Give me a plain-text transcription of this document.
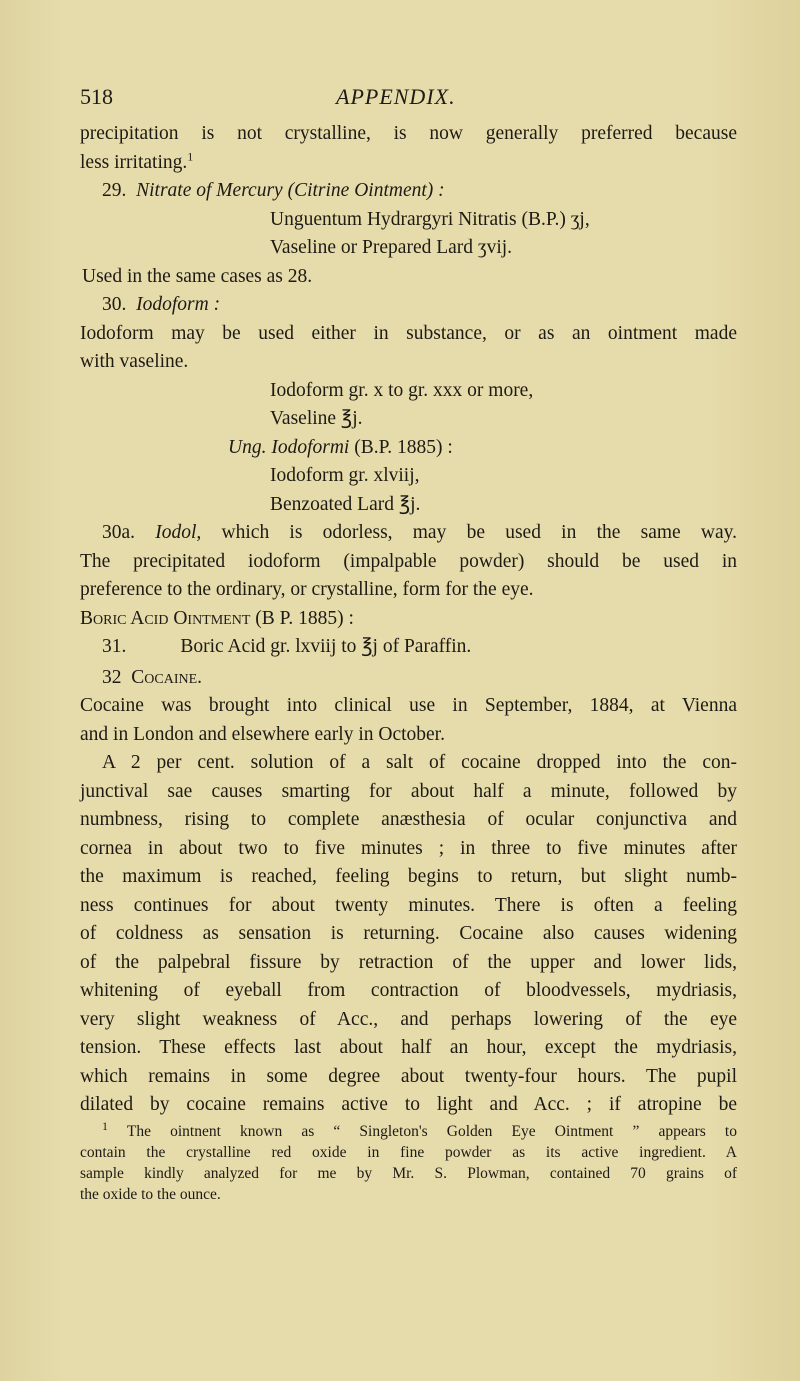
518	APPENDIX.
precipitation is not crystalline, is now generally preferred because
less irritating.$^1$
29. Nitrate of Mercury (Citrine Ointment) :
Unguentum Hydrargyri Nitratis (B.P.) ʒj,
Vaseline or Prepared Lard ʒvij.
Used in the same cases as 28.
30. Iodoform :
Iodoform may be used either in substance, or as an ointment made
with vaseline.
Iodoform gr. x to gr. xxx or more,
Vaseline ℥j.
Ung. Iodoformi (B.P. 1885) :
Iodoform gr. xlviij,
Benzoated Lard ℥j.
30a. Iodol, which is odorless, may be used in the same way.
The precipitated iodoform (impalpable powder) should be used in
preference to the ordinary, or crystalline, form for the eye.
Boric Acid Ointment (B P. 1885) :
31.	Boric Acid gr. lxviij to ℥j of Paraffin.
32 Cocaine.
Cocaine was brought into clinical use in September, 1884, at Vienna
and in London and elsewhere early in October.
A 2 per cent. solution of a salt of cocaine dropped into the con-
junctival sae causes smarting for about half a minute, followed by
numbness, rising to complete anæsthesia of ocular conjunctiva and
cornea in about two to five minutes ; in three to five minutes after
the maximum is reached, feeling begins to return, but slight numb-
ness continues for about twenty minutes. There is often a feeling
of coldness as sensation is returning. Cocaine also causes widening
of the palpebral fissure by retraction of the upper and lower lids,
whitening of eyeball from contraction of bloodvessels, mydriasis,
very slight weakness of Acc., and perhaps lowering of the eye
tension. These effects last about half an hour, except the mydriasis,
which remains in some degree about twenty-four hours. The pupil
dilated by cocaine remains active to light and Acc. ; if atropine be
$^1$ The ointnent known as “ Singleton's Golden Eye Ointment ” appears to
contain the crystalline red oxide in fine powder as its active ingredient. A
sample kindly analyzed for me by Mr. S. Plowman, contained 70 grains of
the oxide to the ounce.
